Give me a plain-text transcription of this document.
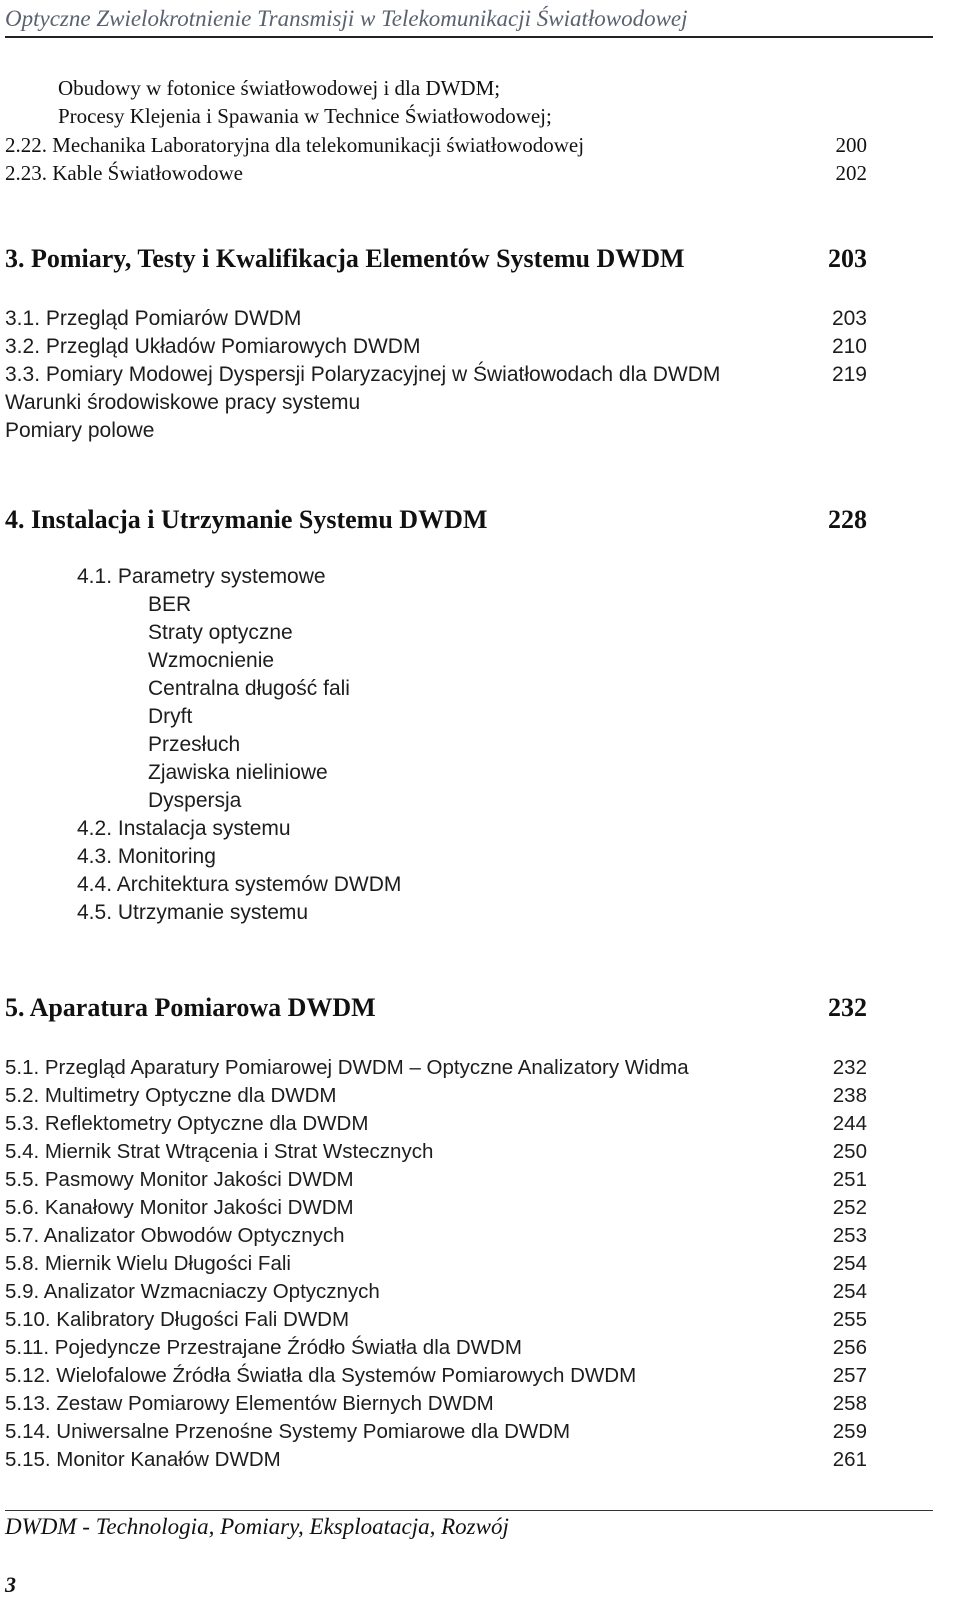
Optyczne Zwielokrotnienie Transmisji w Telekomunikacji Światłowodowej
Obudowy w fotonice światłowodowej i dla DWDM;
Procesy Klejenia i Spawania w Technice Światłowodowej;
2.22. Mechanika Laboratoryjna dla telekomunikacji światłowodowej	200
2.23. Kable Światłowodowe	202
3. Pomiary, Testy i Kwalifikacja Elementów Systemu DWDM	203
3.1. Przegląd Pomiarów DWDM	203
3.2. Przegląd Układów Pomiarowych DWDM	210
3.3. Pomiary Modowej Dyspersji Polaryzacyjnej w Światłowodach dla DWDM	219
Warunki środowiskowe pracy systemu
Pomiary polowe
4. Instalacja i Utrzymanie Systemu DWDM	228
4.1. Parametry systemowe
BER
Straty optyczne
Wzmocnienie
Centralna długość fali
Dryft
Przesłuch
Zjawiska nieliniowe
Dyspersja
4.2. Instalacja systemu
4.3. Monitoring
4.4. Architektura systemów DWDM
4.5. Utrzymanie systemu
5. Aparatura Pomiarowa DWDM	232
5.1. Przegląd Aparatury Pomiarowej DWDM – Optyczne Analizatory Widma	232
5.2. Multimetry Optyczne dla DWDM	238
5.3. Reflektometry Optyczne dla DWDM	244
5.4. Miernik Strat Wtrącenia i Strat Wstecznych	250
5.5. Pasmowy Monitor Jakości DWDM	251
5.6. Kanałowy Monitor Jakości DWDM	252
5.7. Analizator Obwodów Optycznych	253
5.8. Miernik Wielu Długości Fali	254
5.9. Analizator Wzmacniaczy Optycznych	254
5.10. Kalibratory Długości Fali DWDM	255
5.11. Pojedyncze Przestrajane Źródło Światła dla DWDM	256
5.12. Wielofalowe Źródła Światła dla Systemów Pomiarowych DWDM	257
5.13. Zestaw Pomiarowy Elementów Biernych DWDM	258
5.14. Uniwersalne Przenośne Systemy Pomiarowe dla DWDM	259
5.15. Monitor Kanałów DWDM	261
DWDM - Technologia, Pomiary, Eksploatacja, Rozwój
3
